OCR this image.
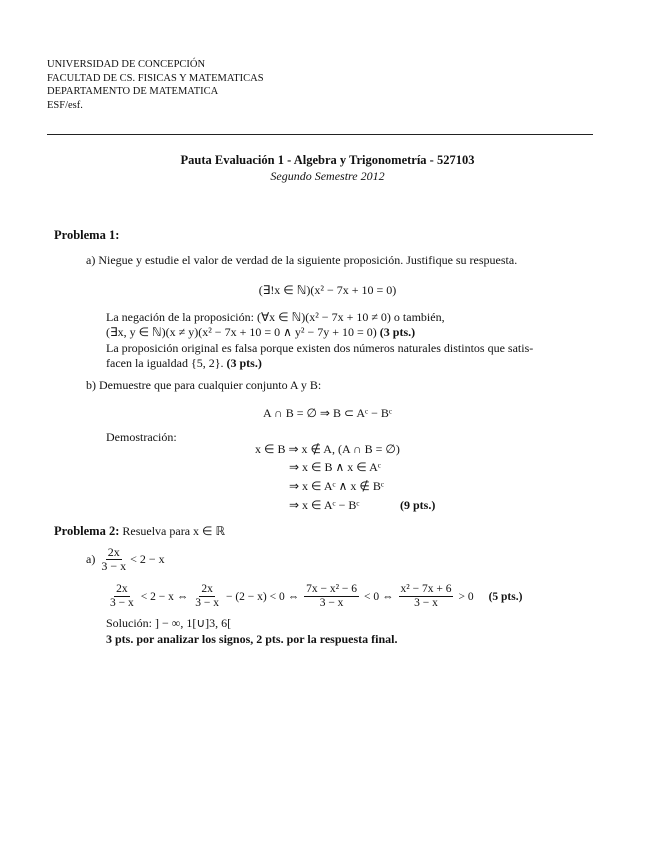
UNIVERSIDAD DE CONCEPCIÓN
FACULTAD DE CS. FISICAS Y MATEMATICAS
DEPARTAMENTO DE MATEMATICA
ESF/esf.
Pauta Evaluación 1 - Algebra y Trigonometría - 527103
Segundo Semestre 2012
Problema 1:
a) Niegue y estudie el valor de verdad de la siguiente proposición. Justifique su respuesta.
(∃!x ∈ ℕ)(x² − 7x + 10 = 0)
La negación de la proposición: (∀x ∈ ℕ)(x² − 7x + 10 ≠ 0) o también,
(∃x, y ∈ ℕ)(x ≠ y)(x² − 7x + 10 = 0 ∧ y² − 7y + 10 = 0) (3 pts.)
La proposición original es falsa porque existen dos números naturales distintos que satis-
facen la igualdad {5, 2}. (3 pts.)
b) Demuestre que para cualquier conjunto A y B:
A ∩ B = ∅ ⇒ B ⊂ Aᶜ − Bᶜ
Demostración:
x ∈ B ⇒ x ∉ A, (A ∩ B = ∅)
⇒ x ∈ B ∧ x ∈ Aᶜ
⇒ x ∈ Aᶜ ∧ x ∉ Bᶜ
⇒ x ∈ Aᶜ − Bᶜ	(9 pts.)
Problema 2: Resuelva para x ∈ ℝ
$a) \frac{2x}{3 - x} < 2 - x$
$\frac{2x}{3 - x} < 2 - x$ ⇔ $\frac{2x}{3 - x} - (2 - x) < 0$ ⇔ $\frac{\text{7x − x² − 6}}{3 - x} < 0$ ⇔ $\frac{\text{x² − 7x + 6}}{3 - x} > 0$ (5 pts.)
Solución: ] − ∞, 1[∪]3, 6[
3 pts. por analizar los signos, 2 pts. por la respuesta final.
